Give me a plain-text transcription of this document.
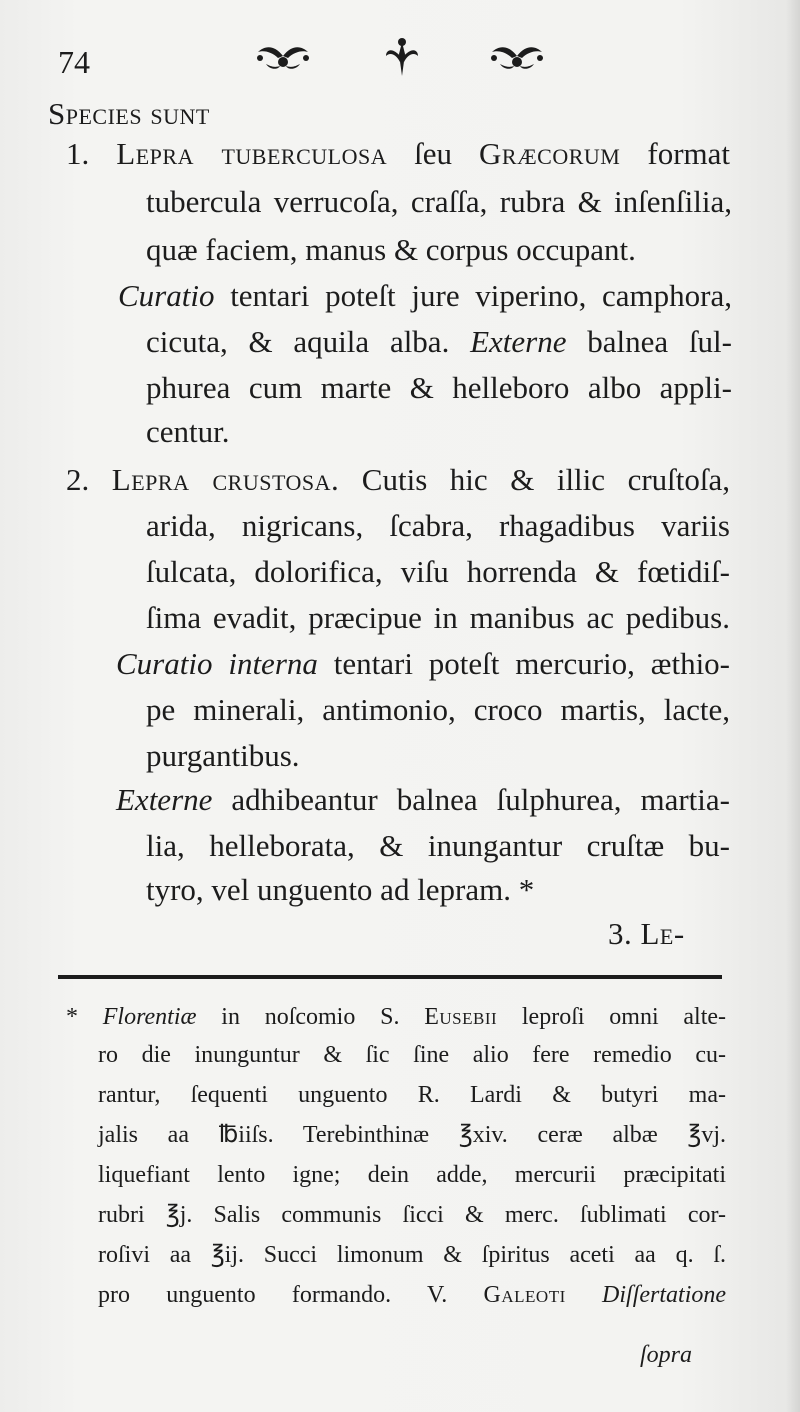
74
Species ſunt
1. Lepra tuberculosa ſeu Græcorum format
tubercula verrucoſa, craſſa, rubra & inſenſilia,
quæ faciem, manus & corpus occupant.
Curatio tentari poteſt jure viperino, camphora,
cicuta, & aquila alba. Externe balnea ſul-
phurea cum marte & helleboro albo appli-
centur.
2. Lepra crustosa. Cutis hic & illic cruſtoſa,
arida, nigricans, ſcabra, rhagadibus variis
ſulcata, dolorifica, viſu horrenda & fœtidiſ-
ſima evadit, præcipue in manibus ac pedibus.
Curatio interna tentari poteſt mercurio, æthio-
pe minerali, antimonio, croco martis, lacte,
purgantibus.
Externe adhibeantur balnea ſulphurea, martia-
lia, helleborata, & inungantur cruſtæ bu-
tyro, vel unguento ad lepram. *
3. Le-
* Florentiæ in noſcomio S. Eusebii leproſi omni alte-
ro die inunguntur & ſic ſine alio fere remedio cu-
rantur, ſequenti unguento R. Lardi & butyri ma-
jalis aa ℔iiſs. Terebinthinæ ℥xiv. ceræ albæ ℥vj.
liquefiant lento igne; dein adde, mercurii præcipitati
rubri ℥j. Salis communis ſicci & merc. ſublimati cor-
roſivi aa ℥ij. Succi limonum & ſpiritus aceti aa q. ſ.
pro unguento formando. V. Galeoti Diſſertatione
ſopra
